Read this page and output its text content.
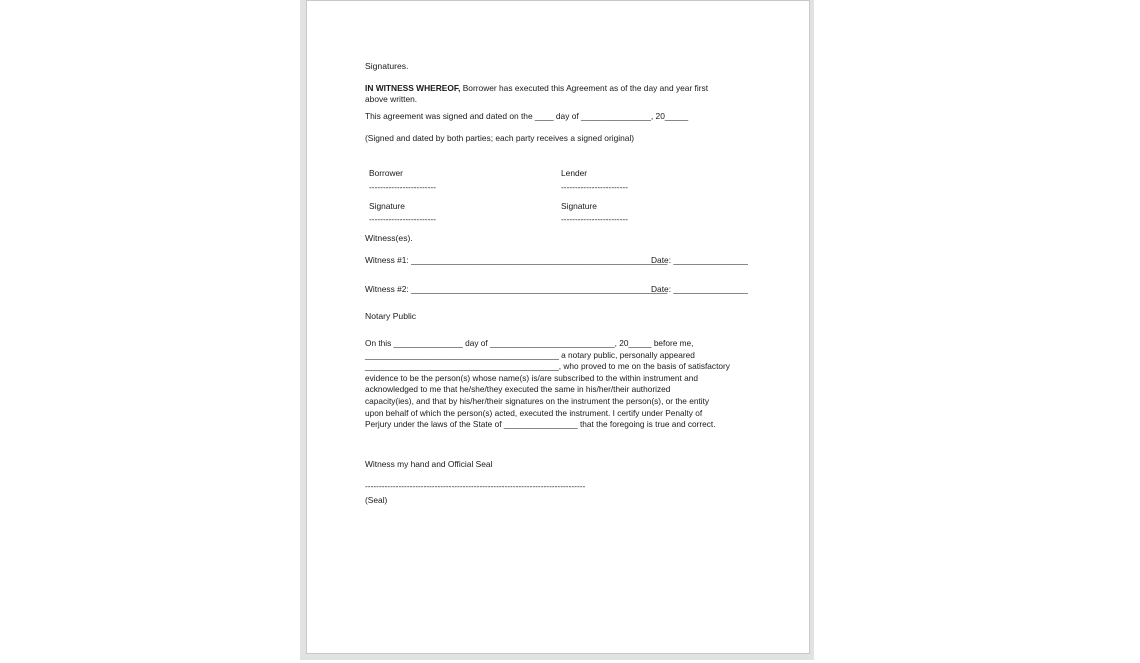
Signatures.
IN WITNESS WHEREOF, Borrower has executed this Agreement as of the day and year first
above written.
This agreement was signed and dated on the ____ day of _______________, 20_____
(Signed and dated by both parties; each party receives a signed original)
Borrower
------------------------
Signature
------------------------
Lender
------------------------
Signature
------------------------
Witness(es).
Witness #1: _______________________________________________________
Date: ________________
Witness #2: _______________________________________________________
Date: ________________
Notary Public
On this _______________ day of ___________________________, 20_____ before me,
__________________________________________ a notary public, personally appeared
__________________________________________, who proved to me on the basis of satisfactory
evidence to be the person(s) whose name(s) is/are subscribed to the within instrument and
acknowledged to me that he/she/they executed the same in his/her/their authorized
capacity(ies), and that by his/her/their signatures on the instrument the person(s), or the entity
upon behalf of which the person(s) acted, executed the instrument. I certify under Penalty of
Perjury under the laws of the State of ________________ that the foregoing is true and correct.
Witness my hand and Official Seal
-------------------------------------------------------------------------------
(Seal)
